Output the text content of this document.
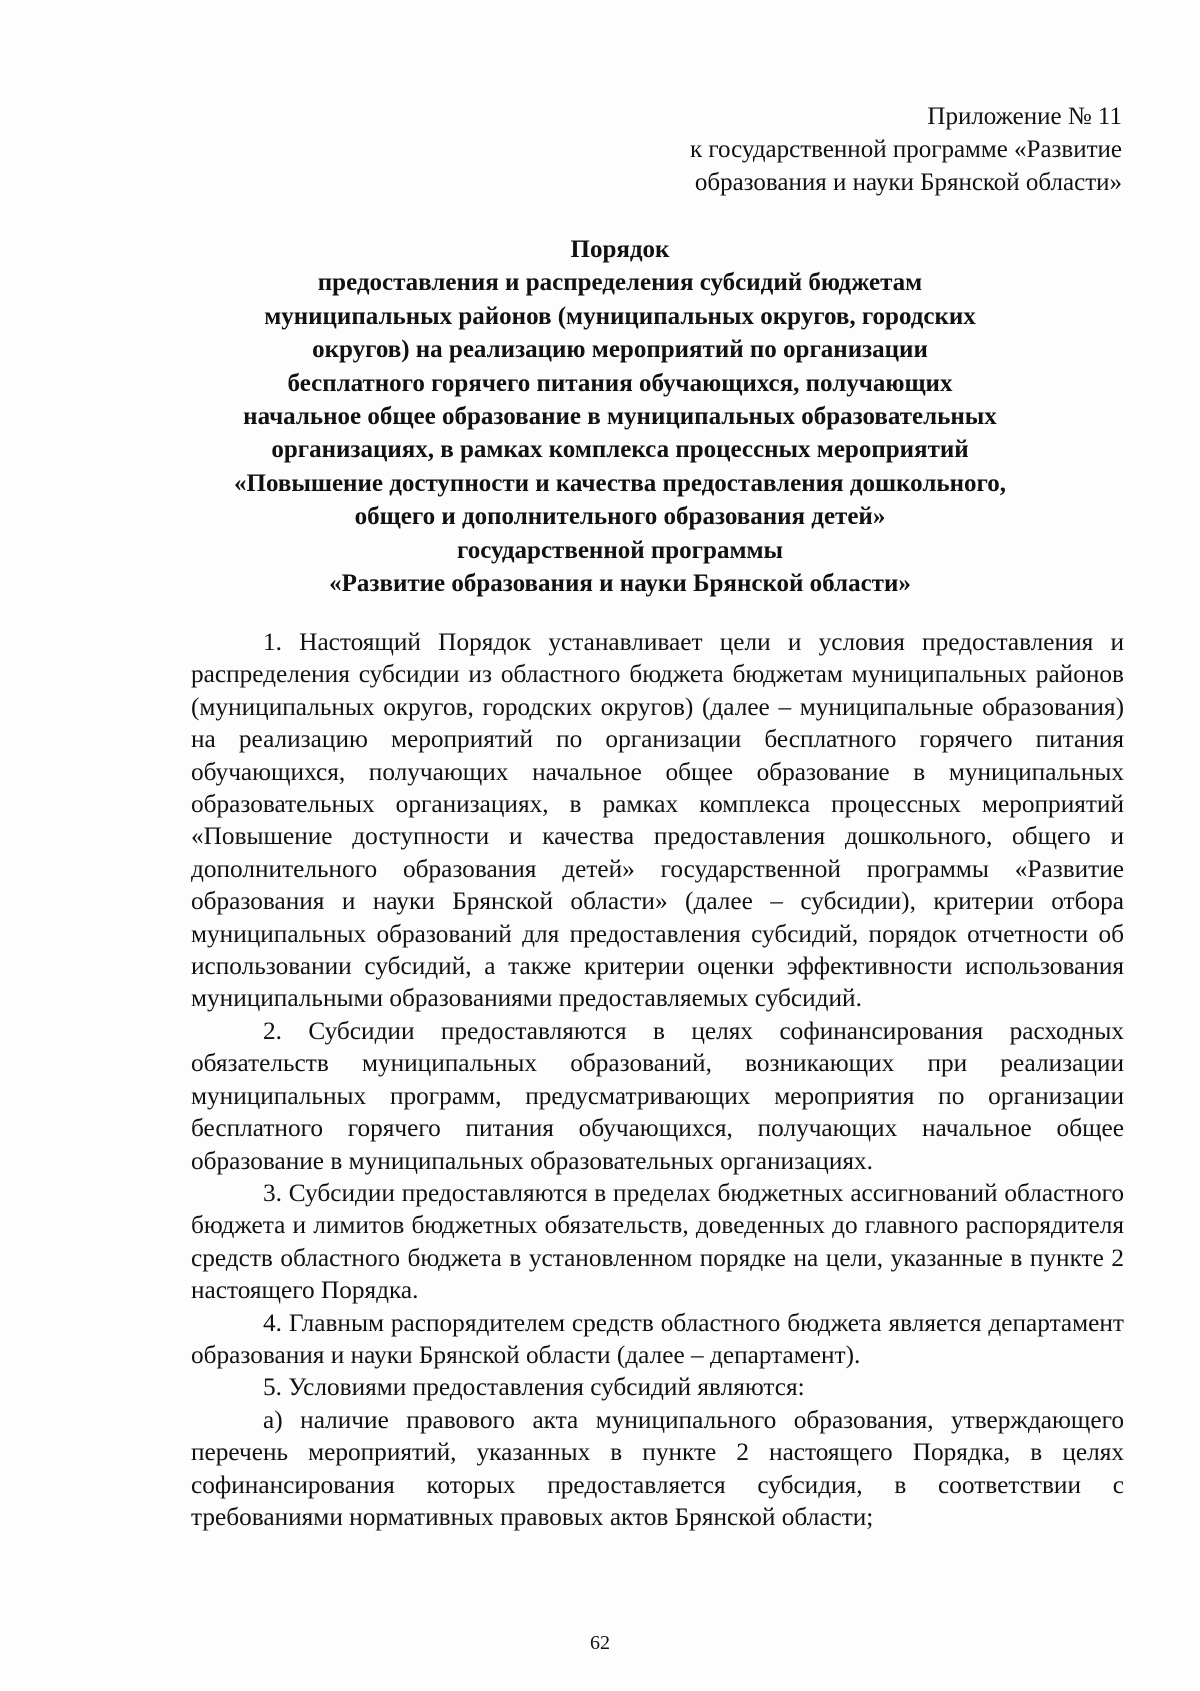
Приложение № 11
к государственной программе «Развитие
образования и науки Брянской области»
Порядок
предоставления и распределения субсидий бюджетам
муниципальных районов (муниципальных округов, городских
округов) на реализацию мероприятий по организации
бесплатного горячего питания обучающихся, получающих
начальное общее образование в муниципальных образовательных
организациях, в рамках комплекса процессных мероприятий
«Повышение доступности и качества предоставления дошкольного,
общего и дополнительного образования детей»
государственной программы
«Развитие образования и науки Брянской области»

1. Настоящий Порядок устанавливает цели и условия предоставления и распределения субсидии из областного бюджета бюджетам муниципальных районов (муниципальных округов, городских округов) (далее – муниципальные образования) на реализацию мероприятий по организации бесплатного горячего питания обучающихся, получающих начальное общее образование в муниципальных образовательных организациях, в рамках комплекса процессных мероприятий «Повышение доступности и качества предоставления дошкольного, общего и дополнительного образования детей» государственной программы «Развитие образования и науки Брянской области» (далее – субсидии), критерии отбора муниципальных образований для предоставления субсидий, порядок отчетности об использовании субсидий, а также критерии оценки эффективности использования муниципальными образованиями предоставляемых субсидий.

2. Субсидии предоставляются в целях софинансирования расходных обязательств муниципальных образований, возникающих при реализации муниципальных программ, предусматривающих мероприятия по организации бесплатного горячего питания обучающихся, получающих начальное общее образование в муниципальных образовательных организациях.

3. Субсидии предоставляются в пределах бюджетных ассигнований областного бюджета и лимитов бюджетных обязательств, доведенных до главного распорядителя средств областного бюджета в установленном порядке на цели, указанные в пункте 2 настоящего Порядка.

4. Главным распорядителем средств областного бюджета является департамент образования и науки Брянской области (далее – департамент).

5. Условиями предоставления субсидий являются:

а) наличие правового акта муниципального образования, утверждающего перечень мероприятий, указанных в пункте 2 настоящего Порядка, в целях софинансирования которых предоставляется субсидия, в соответствии с требованиями нормативных правовых актов Брянской области;

62
